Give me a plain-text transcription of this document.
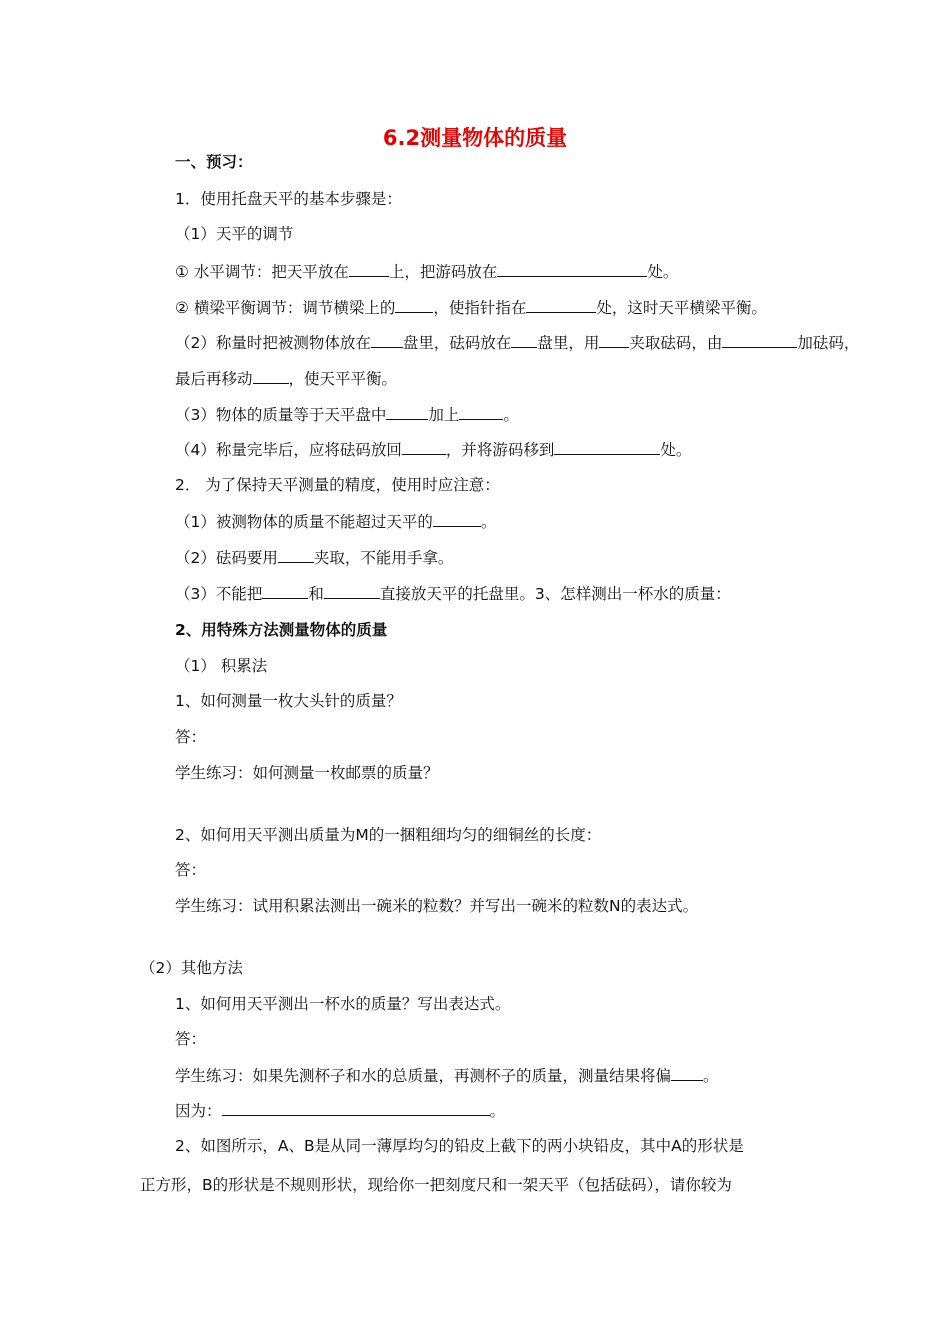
6.2测量物体的质量
一、预习：
1．使用托盘天平的基本步骤是：
（1）天平的调节
① 水平调节：把天平放在	上，把游码放在	处。
② 横梁平衡调节：调节横梁上的 ，使指针指在	处，这时天平横梁平衡。
（2）称量时把被测物体放在 盘里，砝码放在 盘里，用 夹取砝码，由	加砝码，
最后再移动 ，使天平平衡。
（3）物体的质量等于天平盘中	加上	。
（4）称量完毕后，应将砝码放回	，并将游码移到	处。
2． 为了保持天平测量的精度，使用时应注意：
（1）被测物体的质量不能超过天平的	。
（2）砝码要用 夹取，不能用手拿。
（3）不能把	和	直接放天平的托盘里。3、怎样测出一杯水的质量：
2、用特殊方法测量物体的质量
（1） 积累法
1、如何测量一枚大头针的质量？
答：
学生练习：如何测量一枚邮票的质量？
2、如何用天平测出质量为M的一捆粗细均匀的细铜丝的长度：
答：
学生练习：试用积累法测出一碗米的粒数？并写出一碗米的粒数N的表达式。
（2）其他方法
1、如何用天平测出一杯水的质量？写出表达式。
答：
学生练习：如果先测杯子和水的总质量，再测杯子的质量，测量结果将偏 。
因为：	。
2、如图所示，A、B是从同一薄厚均匀的铅皮上截下的两小块铅皮，其中A的形状是
正方形，B的形状是不规则形状，现给你一把刻度尺和一架天平（包括砝码），请你较为
